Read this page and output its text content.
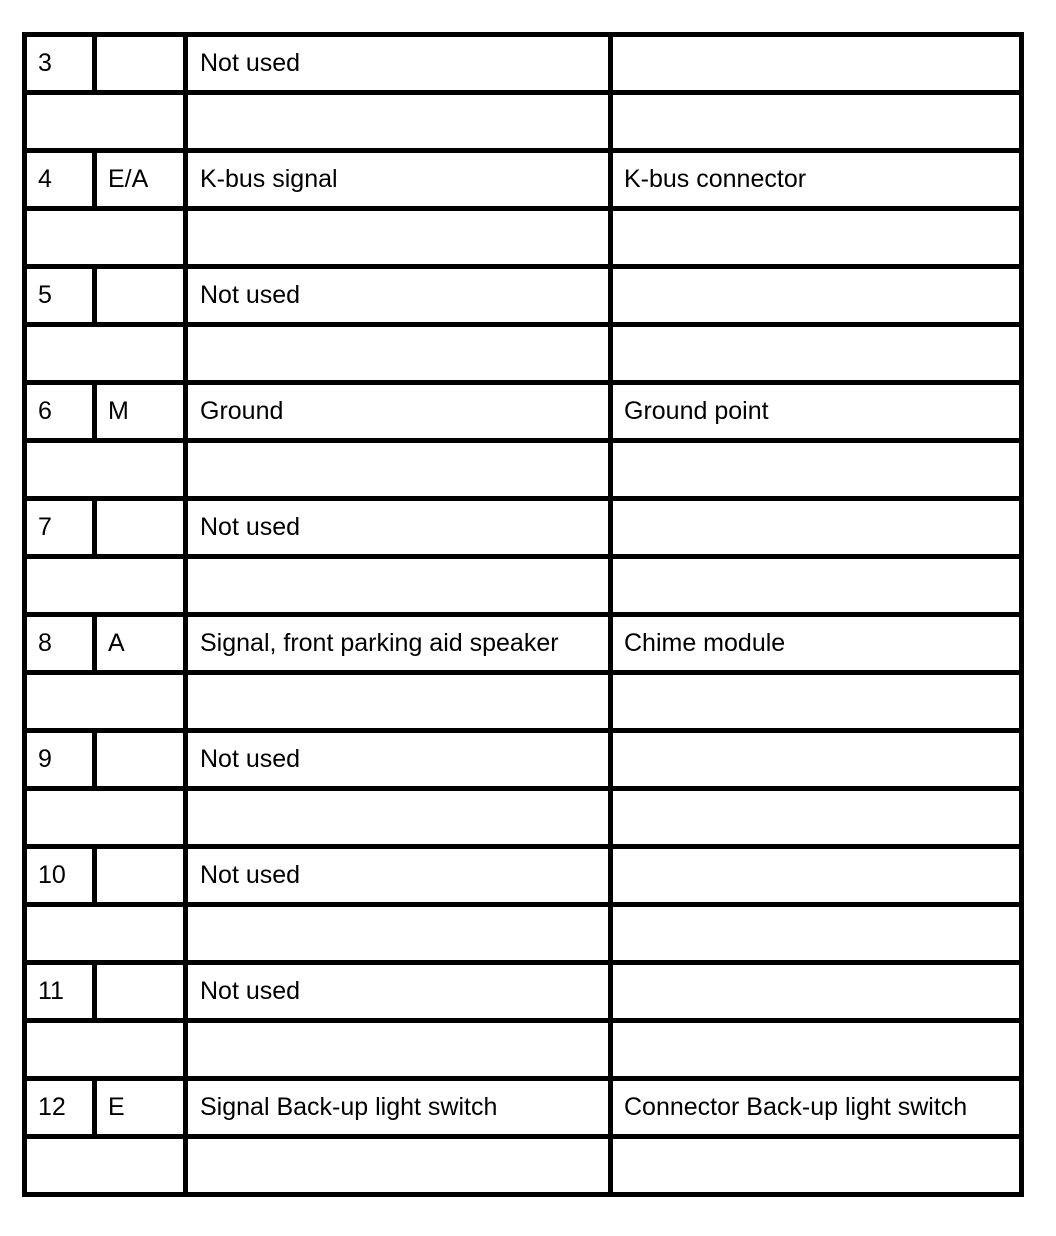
3		Not used	

4	E/A	K-bus signal	K-bus connector

5		Not used	

6	M	Ground	Ground point

7		Not used	

8	A	Signal, front parking aid speaker	Chime module

9		Not used	

10		Not used	

11		Not used	

12	E	Signal Back-up light switch	Connector Back-up light switch
